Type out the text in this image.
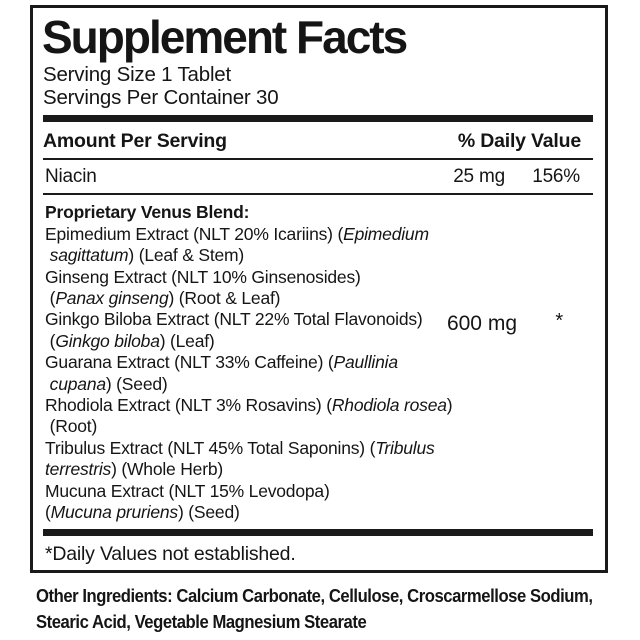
Supplement Facts
Serving Size 1 Tablet
Servings Per Container 30
Amount Per Serving	% Daily Value
Niacin	25 mg	156%
Proprietary Venus Blend:
Epimedium Extract (NLT 20% Icariins) (Epimedium
sagittatum) (Leaf & Stem)
Ginseng Extract (NLT 10% Ginsenosides)
(Panax ginseng) (Root & Leaf)
Ginkgo Biloba Extract (NLT 22% Total Flavonoids)
(Ginkgo biloba) (Leaf)
Guarana Extract (NLT 33% Caffeine) (Paullinia
cupana) (Seed)
Rhodiola Extract (NLT 3% Rosavins) (Rhodiola rosea)
(Root)
Tribulus Extract (NLT 45% Total Saponins) (Tribulus
terrestris) (Whole Herb)
Mucuna Extract (NLT 15% Levodopa)
(Mucuna pruriens) (Seed)
600 mg *
*Daily Values not established.
Other Ingredients: Calcium Carbonate, Cellulose, Croscarmellose Sodium,
Stearic Acid, Vegetable Magnesium Stearate
